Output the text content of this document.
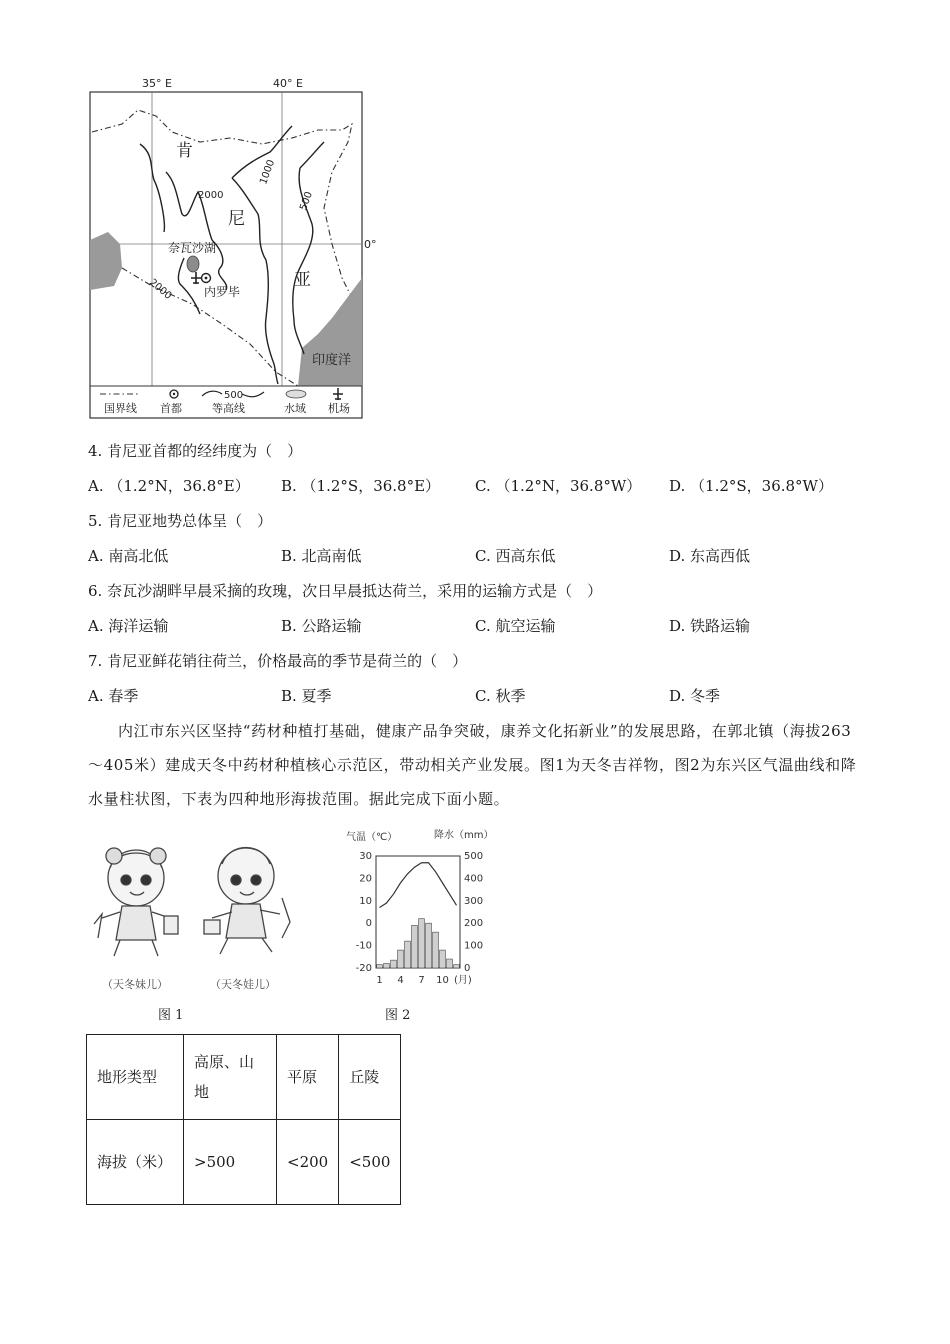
35° E	40° E
0°
肯
尼
亚
2000
1000
500
2000
奈瓦沙湖
内罗毕
印度洋
国界线 首都
500
等高线	水域 机场
4. 肯尼亚首都的经纬度为（　）
A. （1.2°N，36.8°E） B. （1.2°S，36.8°E） C. （1.2°N，36.8°W） D. （1.2°S，36.8°W）
5. 肯尼亚地势总体呈（　）
A. 南高北低	B. 北高南低	C. 西高东低	D. 东高西低
6. 奈瓦沙湖畔早晨采摘的玫瑰，次日早晨抵达荷兰，采用的运输方式是（　）
A. 海洋运输	B. 公路运输	C. 航空运输	D. 铁路运输
7. 肯尼亚鲜花销往荷兰，价格最高的季节是荷兰的（　）
A. 春季	B. 夏季	C. 秋季	D. 冬季
内江市东兴区坚持“药材种植打基础，健康产品争突破，康养文化拓新业”的发展思路，在郭北镇（海拔263～405米）建成天冬中药材种植核心示范区，带动相关产业发展。图1为天冬吉祥物，图2为东兴区气温曲线和降水量柱状图，下表为四种地形海拔范围。据此完成下面小题。
（天冬妹儿）	（天冬娃儿）
图 1
气温（℃）	降水（mm）
30
20
10
0
-10
-20
500
400
300
200
100
0
1 4 7 10 (月)
图 2
地形类型	高原、山地	平原	丘陵
海拔（米）	>500	<200	<500
